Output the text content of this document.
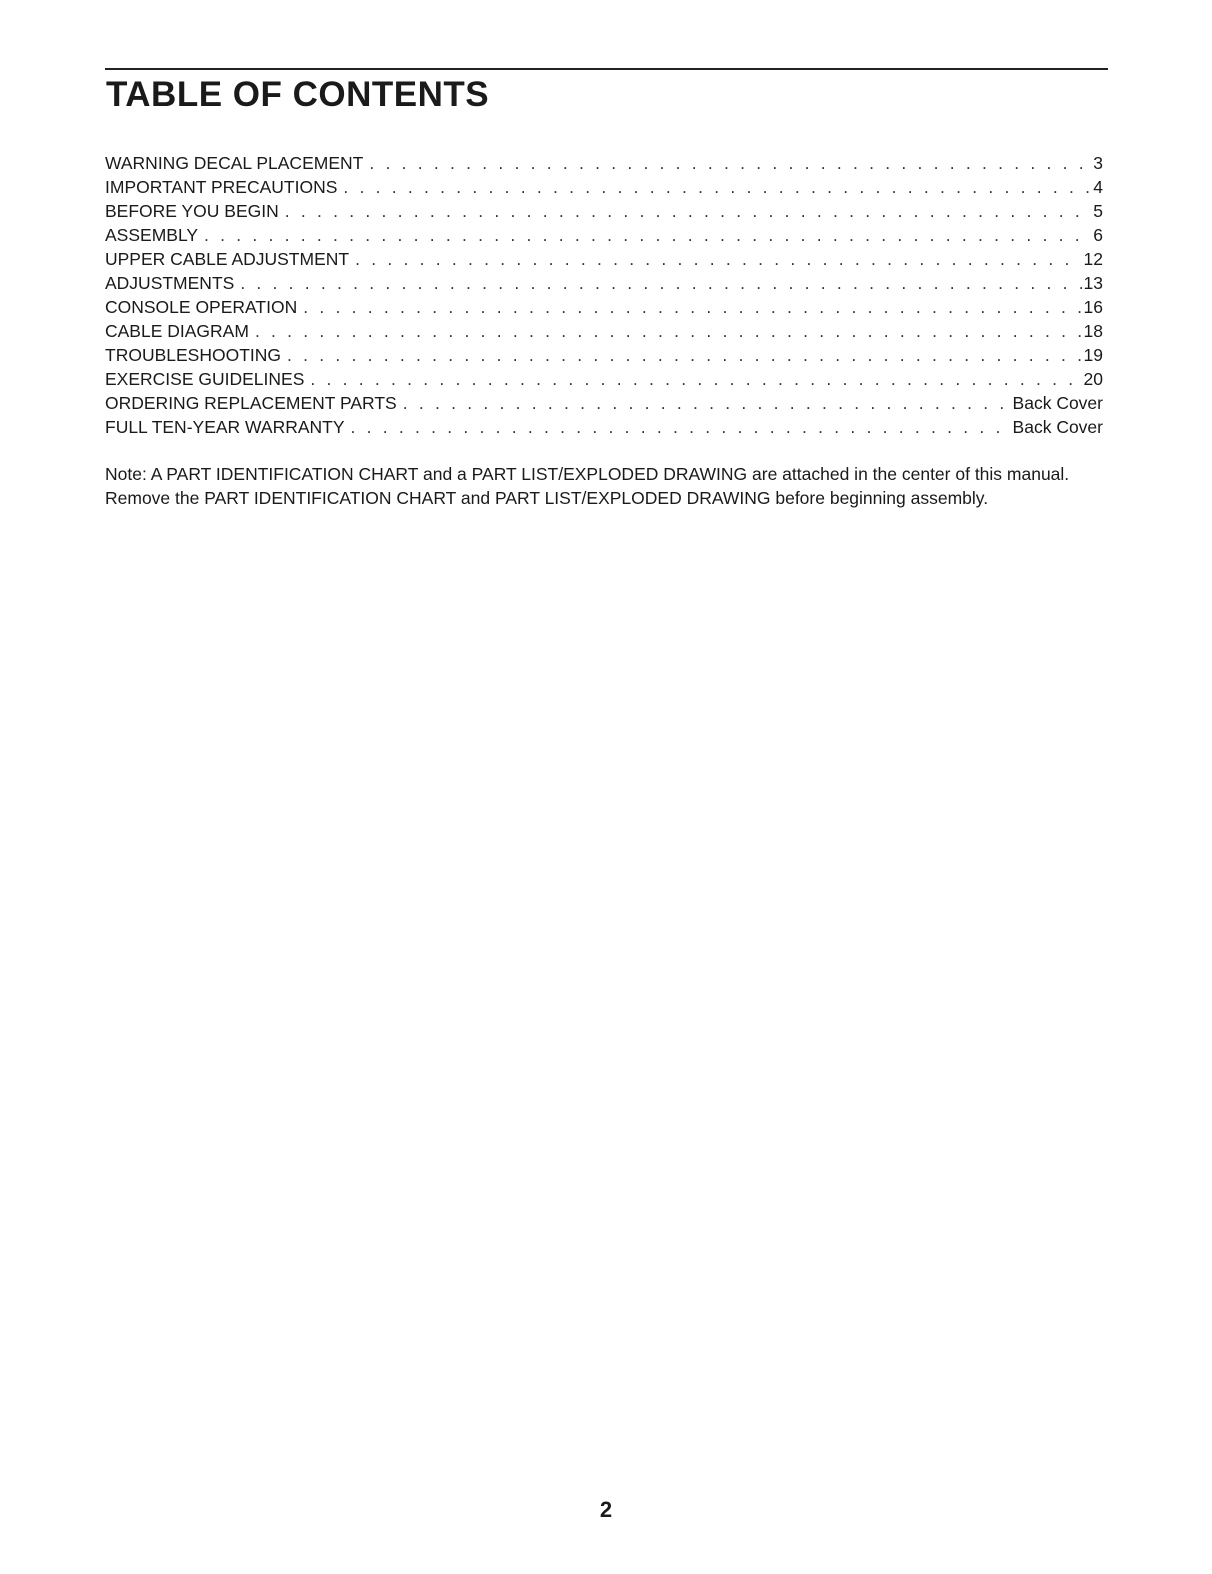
TABLE OF CONTENTS
WARNING DECAL PLACEMENT . . .	3
IMPORTANT PRECAUTIONS . . .	4
BEFORE YOU BEGIN . . .	5
ASSEMBLY . . .	6
UPPER CABLE ADJUSTMENT . . .	12
ADJUSTMENTS . . .	13
CONSOLE OPERATION . . .	16
CABLE DIAGRAM . . .	18
TROUBLESHOOTING . . .	19
EXERCISE GUIDELINES . . .	20
ORDERING REPLACEMENT PARTS . . .	Back Cover
FULL TEN-YEAR WARRANTY . . .	Back Cover

Note: A PART IDENTIFICATION CHART and a PART LIST/EXPLODED DRAWING are attached in the center of this manual. Remove the PART IDENTIFICATION CHART and PART LIST/EXPLODED DRAWING before beginning assembly.

2
